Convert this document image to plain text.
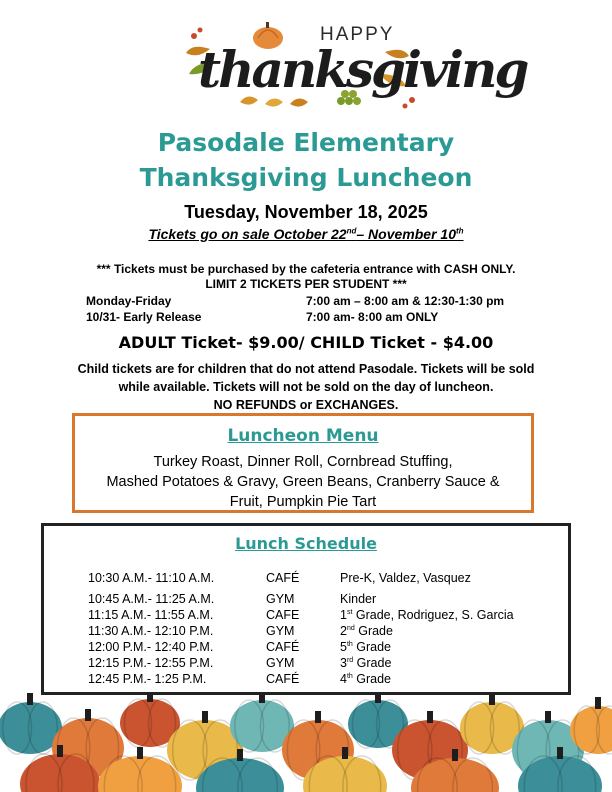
HAPPY
thanksgiving
Pasodale Elementary
Thanksgiving Luncheon
Tuesday, November 18, 2025
Tickets go on sale October 22nd– November 10th
*** Tickets must be purchased by the cafeteria entrance with CASH ONLY.
LIMIT 2 TICKETS PER STUDENT ***
Monday-Friday	7:00 am – 8:00 am & 12:30-1:30 pm
10/31- Early Release	7:00 am- 8:00 am ONLY
ADULT Ticket- $9.00/ CHILD Ticket - $4.00
Child tickets are for children that do not attend Pasodale. Tickets will be sold
while available. Tickets will not be sold on the day of luncheon.
NO REFUNDS or EXCHANGES.
Luncheon Menu
Turkey Roast, Dinner Roll, Cornbread Stuffing,
Mashed Potatoes & Gravy, Green Beans, Cranberry Sauce &
Fruit, Pumpkin Pie Tart
Lunch Schedule
10:30 A.M.- 11:10 A.M.	CAFÉ	Pre-K, Valdez, Vasquez
10:45 A.M.- 11:25 A.M.	GYM	Kinder
11:15 A.M.- 11:55 A.M.	CAFE	1st Grade, Rodriguez, S. Garcia
11:30 A.M.- 12:10 P.M.	GYM	2nd Grade
12:00 P.M.- 12:40 P.M.	CAFÉ	5th Grade
12:15 P.M.- 12:55 P.M.	GYM	3rd Grade
12:45 P.M.- 1:25 P.M.	CAFÉ	4th Grade
